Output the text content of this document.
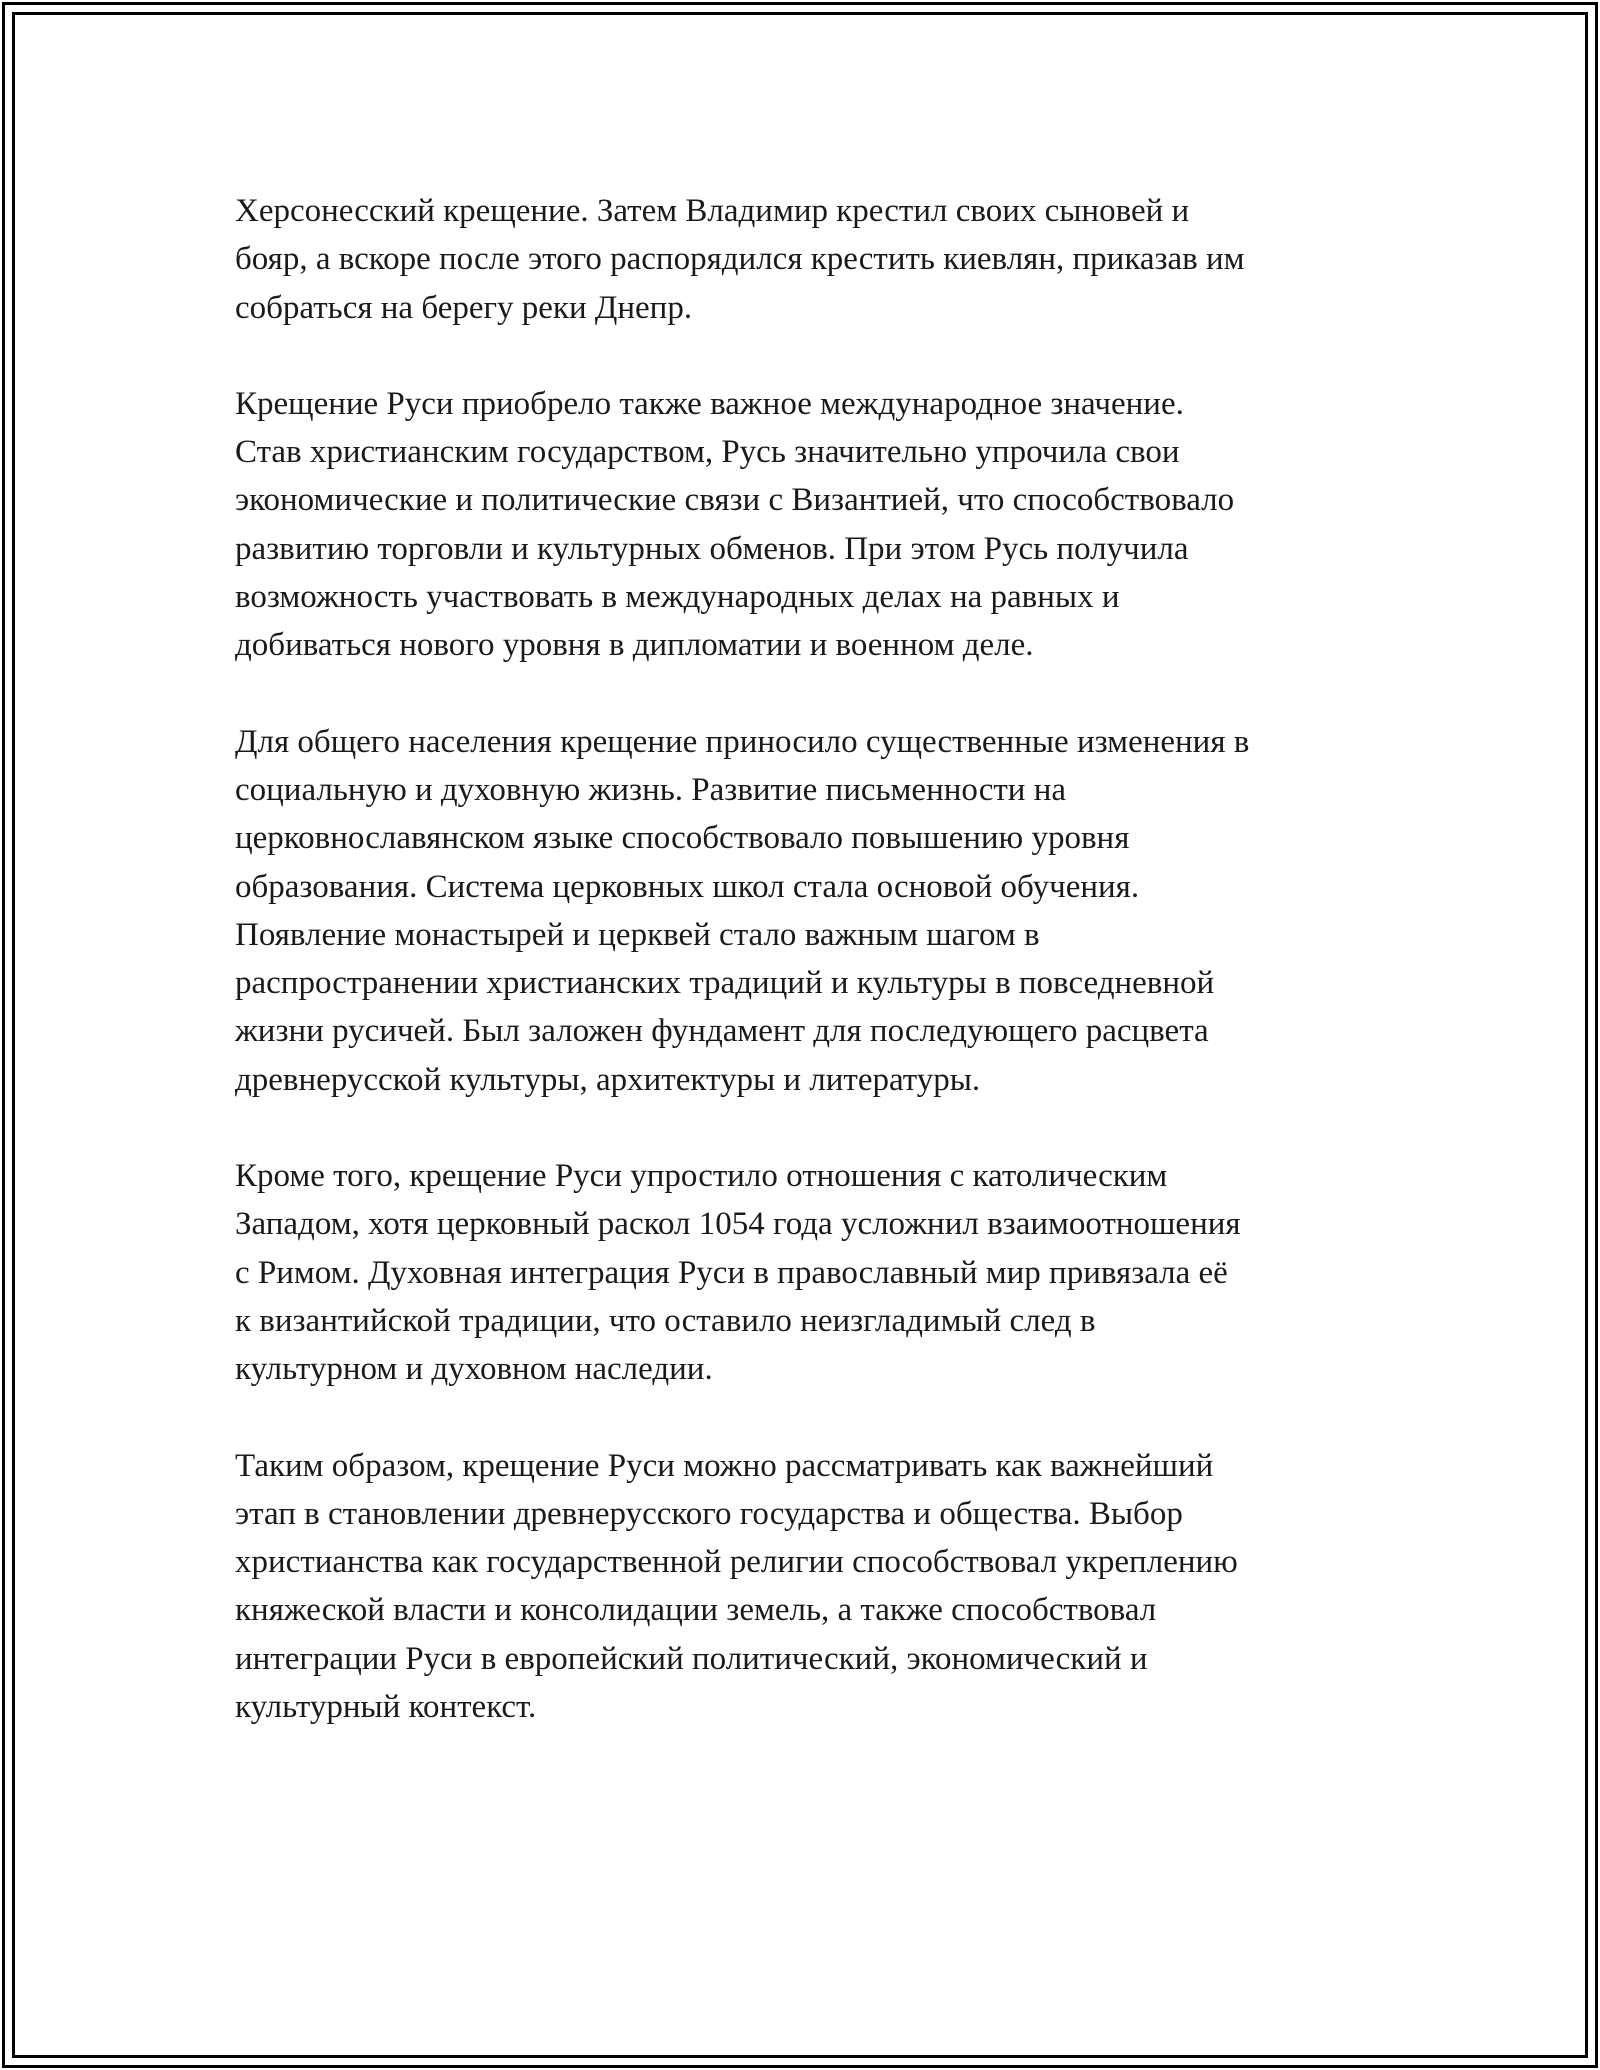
Херсонесский крещение. Затем Владимир крестил своих сыновей и
бояр, а вскоре после этого распорядился крестить киевлян, приказав им
собраться на берегу реки Днепр.

Крещение Руси приобрело также важное международное значение.
Став христианским государством, Русь значительно упрочила свои
экономические и политические связи с Византией, что способствовало
развитию торговли и культурных обменов. При этом Русь получила
возможность участвовать в международных делах на равных и
добиваться нового уровня в дипломатии и военном деле.

Для общего населения крещение приносило существенные изменения в
социальную и духовную жизнь. Развитие письменности на
церковнославянском языке способствовало повышению уровня
образования. Система церковных школ стала основой обучения.
Появление монастырей и церквей стало важным шагом в
распространении христианских традиций и культуры в повседневной
жизни русичей. Был заложен фундамент для последующего расцвета
древнерусской культуры, архитектуры и литературы.

Кроме того, крещение Руси упростило отношения с католическим
Западом, хотя церковный раскол 1054 года усложнил взаимоотношения
с Римом. Духовная интеграция Руси в православный мир привязала её
к византийской традиции, что оставило неизгладимый след в
культурном и духовном наследии.

Таким образом, крещение Руси можно рассматривать как важнейший
этап в становлении древнерусского государства и общества. Выбор
христианства как государственной религии способствовал укреплению
княжеской власти и консолидации земель, а также способствовал
интеграции Руси в европейский политический, экономический и
культурный контекст.
